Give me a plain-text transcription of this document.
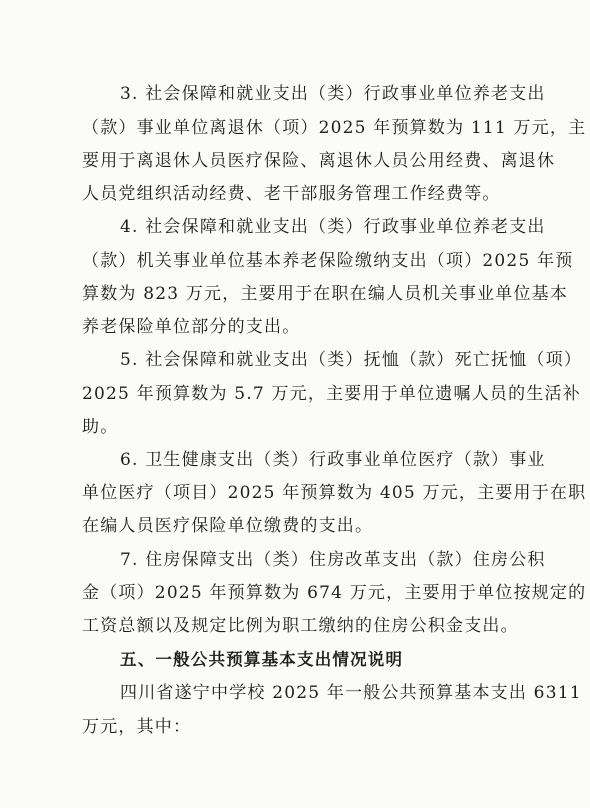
3. 社会保障和就业支出（类）行政事业单位养老支出

（款）事业单位离退休（项）2025 年预算数为 111 万元，主

要用于离退休人员医疗保险、离退休人员公用经费、离退休

人员党组织活动经费、老干部服务管理工作经费等。

4. 社会保障和就业支出（类）行政事业单位养老支出

（款）机关事业单位基本养老保险缴纳支出（项）2025 年预

算数为 823 万元，主要用于在职在编人员机关事业单位基本

养老保险单位部分的支出。

5. 社会保障和就业支出（类）抚恤（款）死亡抚恤（项）

2025 年预算数为 5.7 万元，主要用于单位遗嘱人员的生活补

助。

6. 卫生健康支出（类）行政事业单位医疗（款）事业

单位医疗（项目）2025 年预算数为 405 万元，主要用于在职

在编人员医疗保险单位缴费的支出。

7. 住房保障支出（类）住房改革支出（款）住房公积

金（项）2025 年预算数为 674 万元，主要用于单位按规定的

工资总额以及规定比例为职工缴纳的住房公积金支出。

五、一般公共预算基本支出情况说明

四川省遂宁中学校 2025 年一般公共预算基本支出 6311

万元，其中：
